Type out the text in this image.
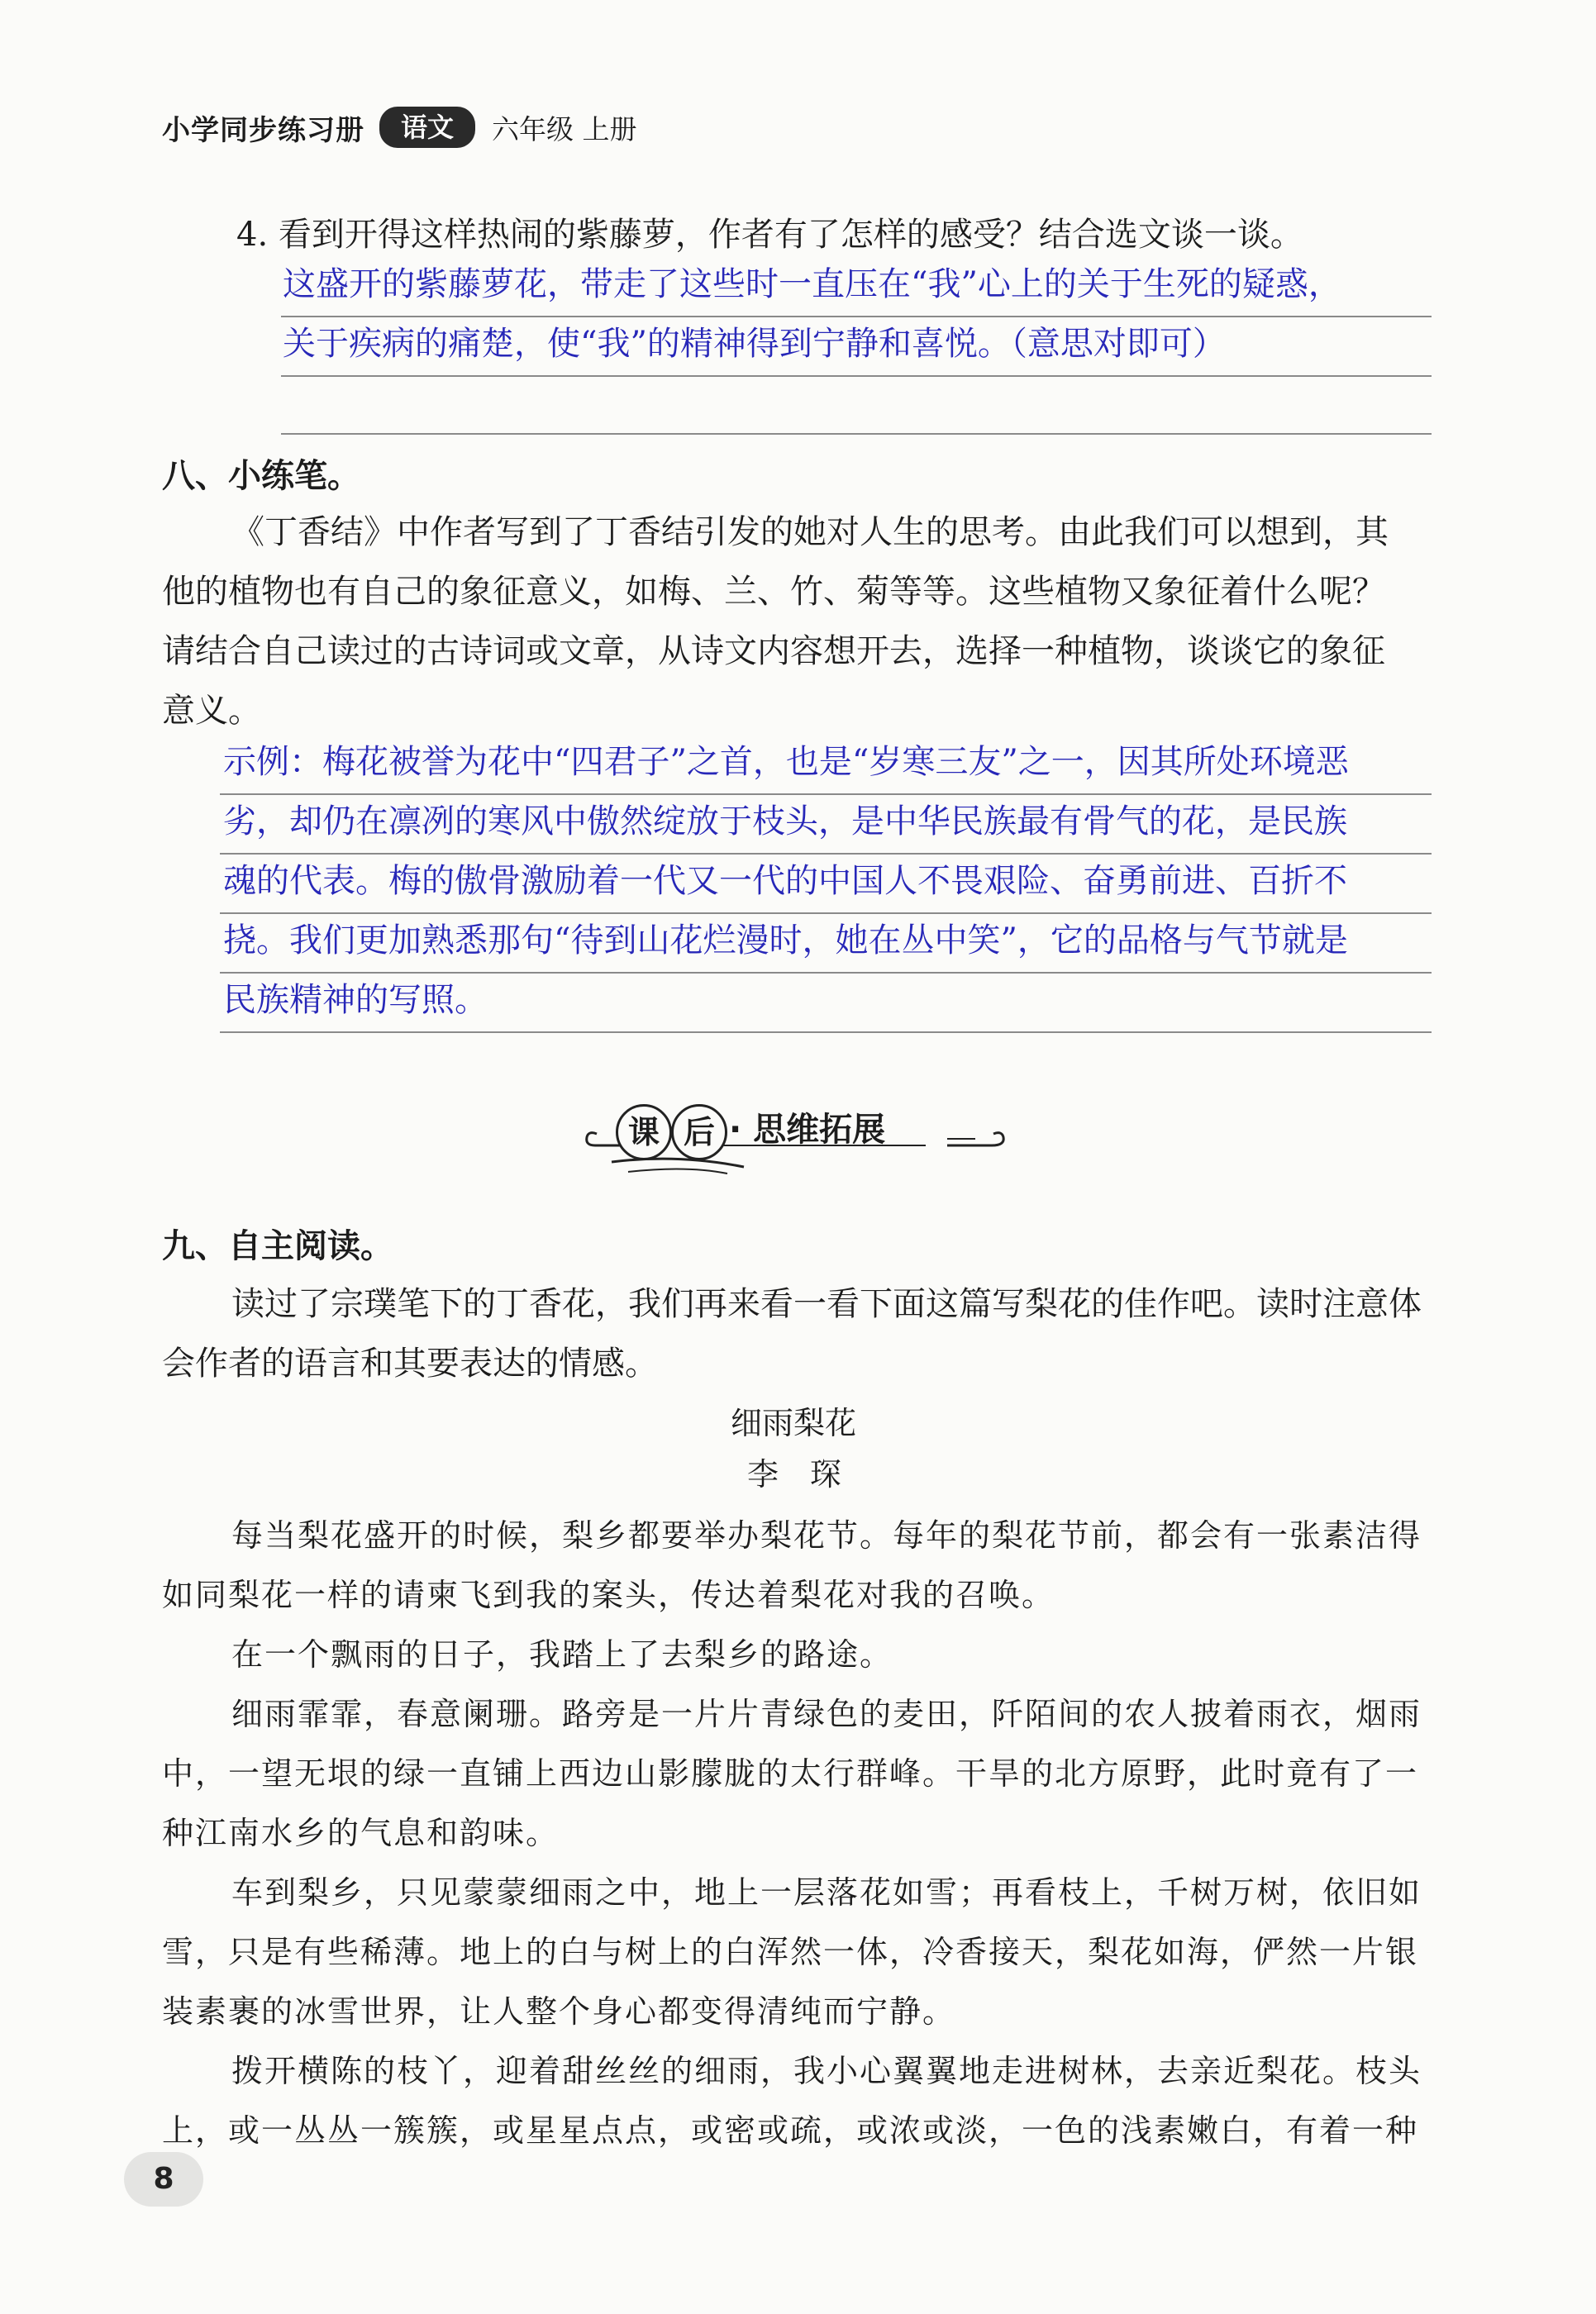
小学同步练习册	语文	六年级 上册
4. 看到开得这样热闹的紫藤萝，作者有了怎样的感受？结合选文谈一谈。
这盛开的紫藤萝花，带走了这些时一直压在“我”心上的关于生死的疑惑，
关于疾病的痛楚，使“我”的精神得到宁静和喜悦。（意思对即可）
八、小练笔。
《丁香结》中作者写到了丁香结引发的她对人生的思考。由此我们可以想到，其
他的植物也有自己的象征意义，如梅、兰、竹、菊等等。这些植物又象征着什么呢？
请结合自己读过的古诗词或文章，从诗文内容想开去，选择一种植物，谈谈它的象征
意义。
示例：梅花被誉为花中“四君子”之首，也是“岁寒三友”之一，因其所处环境恶
劣，却仍在凛冽的寒风中傲然绽放于枝头，是中华民族最有骨气的花，是民族
魂的代表。梅的傲骨激励着一代又一代的中国人不畏艰险、奋勇前进、百折不
挠。我们更加熟悉那句“待到山花烂漫时，她在丛中笑”，它的品格与气节就是
民族精神的写照。
课 后 · 思维拓展
九、自主阅读。
读过了宗璞笔下的丁香花，我们再来看一看下面这篇写梨花的佳作吧。读时注意体
会作者的语言和其要表达的情感。
细雨梨花
李　琛
每当梨花盛开的时候，梨乡都要举办梨花节。每年的梨花节前，都会有一张素洁得
如同梨花一样的请柬飞到我的案头，传达着梨花对我的召唤。
在一个飘雨的日子，我踏上了去梨乡的路途。
细雨霏霏，春意阑珊。路旁是一片片青绿色的麦田，阡陌间的农人披着雨衣，烟雨
中，一望无垠的绿一直铺上西边山影朦胧的太行群峰。干旱的北方原野，此时竟有了一
种江南水乡的气息和韵味。
车到梨乡，只见蒙蒙细雨之中，地上一层落花如雪；再看枝上，千树万树，依旧如
雪，只是有些稀薄。地上的白与树上的白浑然一体，冷香接天，梨花如海，俨然一片银
装素裹的冰雪世界，让人整个身心都变得清纯而宁静。
拨开横陈的枝丫，迎着甜丝丝的细雨，我小心翼翼地走进树林，去亲近梨花。枝头
上，或一丛丛一簇簇，或星星点点，或密或疏，或浓或淡，一色的浅素嫩白，有着一种
8
